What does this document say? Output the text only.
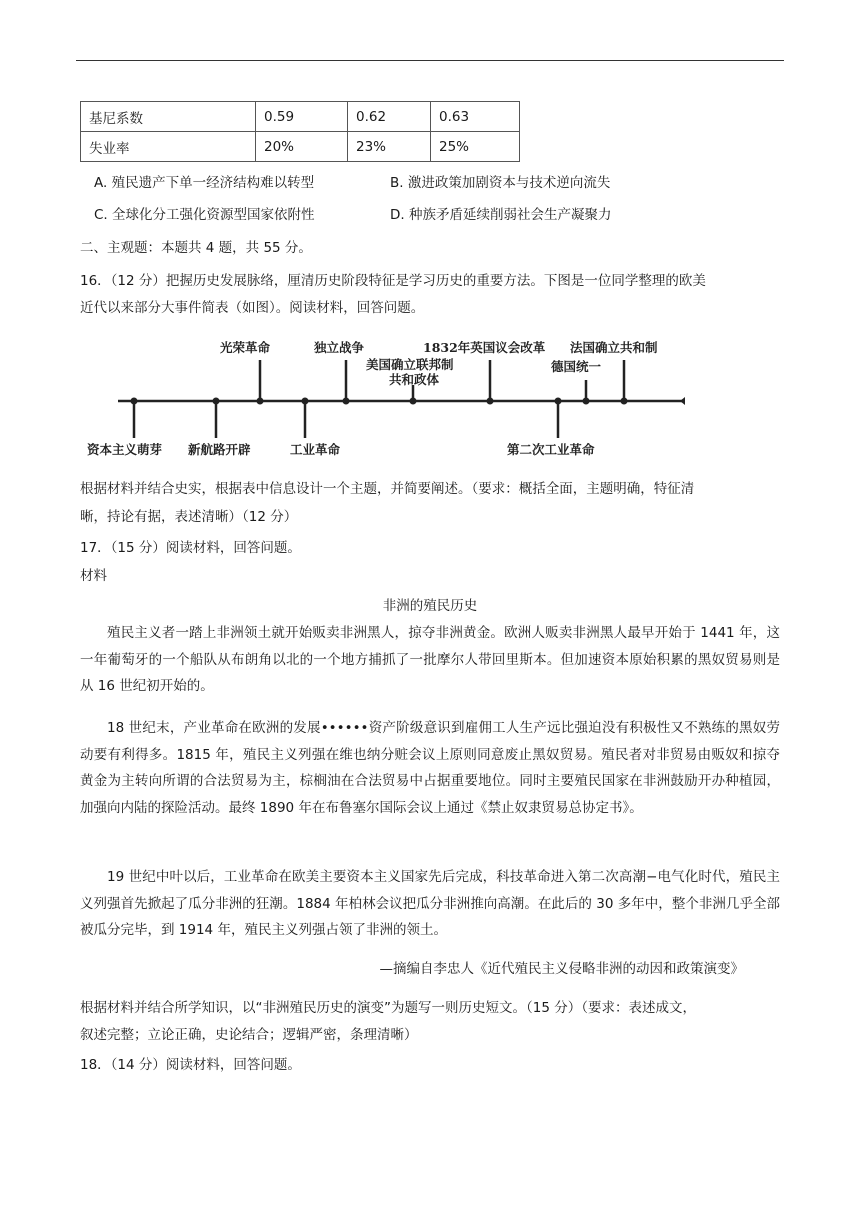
基尼系数	0.59	0.62	0.63
失业率	20%	23%	25%
A. 殖民遗产下单一经济结构难以转型	B. 激进政策加剧资本与技术逆向流失
C. 全球化分工强化资源型国家依附性	D. 种族矛盾延续削弱社会生产凝聚力
二、主观题：本题共 4 题，共 55 分。
16．（12 分）把握历史发展脉络，厘清历史阶段特征是学习历史的重要方法。下图是一位同学整理的欧美
近代以来部分大事件简表（如图）。阅读材料，回答问题。
光荣革命	独立战争
美国确立联邦制
共和政体
1832年英国议会改革 法国确立共和制
德国统一
资本主义萌芽 新航路开辟	工业革命	第二次工业革命
根据材料并结合史实，根据表中信息设计一个主题，并简要阐述。（要求：概括全面，主题明确，特征清
晰，持论有据，表述清晰）（12 分）
17．（15 分）阅读材料，回答问题。
材料
非洲的殖民历史
殖民主义者一踏上非洲领土就开始贩卖非洲黑人，掠夺非洲黄金。欧洲人贩卖非洲黑人最早开始于 1441 年，这一年葡萄牙的一个船队从布朗角以北的一个地方捕抓了一批摩尔人带回里斯本。但加速资本原始积累的黑奴贸易则是从 16 世纪初开始的。
18 世纪末，产业革命在欧洲的发展••••••资产阶级意识到雇佣工人生产远比强迫没有积极性又不熟练的黑奴劳动要有利得多。1815 年，殖民主义列强在维也纳分赃会议上原则同意废止黑奴贸易。殖民者对非贸易由贩奴和掠夺黄金为主转向所谓的合法贸易为主，棕榈油在合法贸易中占据重要地位。同时主要殖民国家在非洲鼓励开办种植园，加强向内陆的探险活动。最终 1890 年在布鲁塞尔国际会议上通过《禁止奴隶贸易总协定书》。
19 世纪中叶以后，工业革命在欧美主要资本主义国家先后完成，科技革命进入第二次高潮−电气化时代，殖民主义列强首先掀起了瓜分非洲的狂潮。1884 年柏林会议把瓜分非洲推向高潮。在此后的 30 多年中，整个非洲几乎全部被瓜分完毕，到 1914 年，殖民主义列强占领了非洲的领土。
—摘编自李忠人《近代殖民主义侵略非洲的动因和政策演变》
根据材料并结合所学知识，以“非洲殖民历史的演变”为题写一则历史短文。（15 分）（要求：表述成文，
叙述完整；立论正确，史论结合；逻辑严密，条理清晰）
18．（14 分）阅读材料，回答问题。
